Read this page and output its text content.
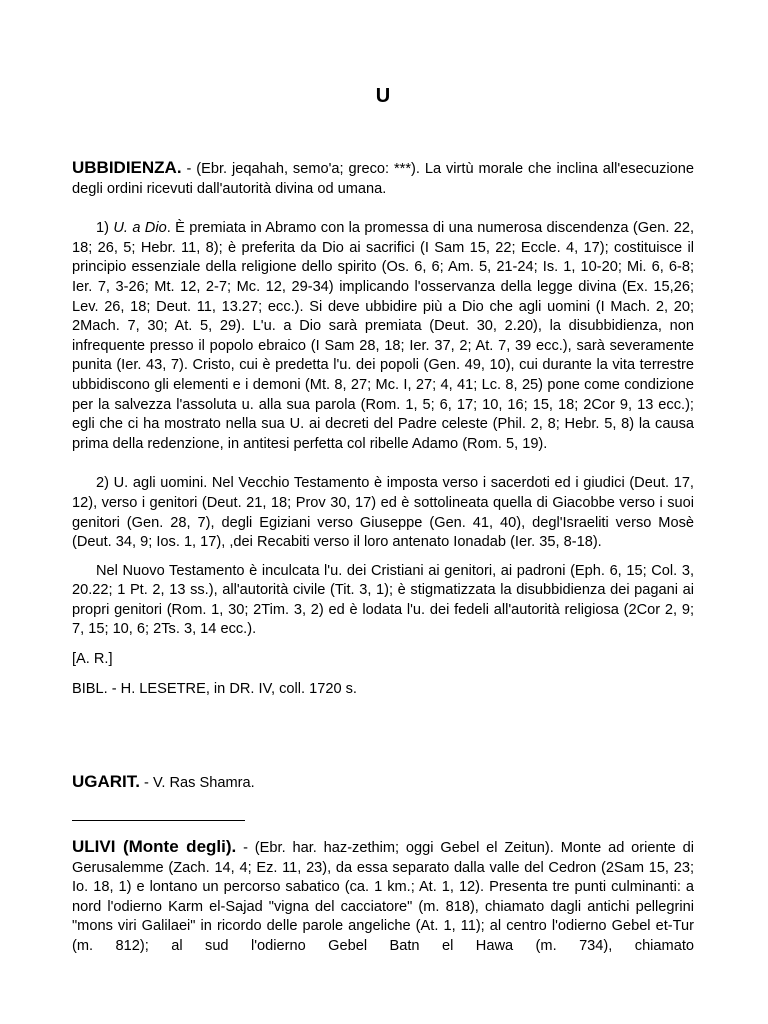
U

UBBIDIENZA. - (Ebr. jeqahah, semo'a; greco: ***). La virtù morale che inclina all'esecuzione degli ordini ricevuti dall'autorità divina od umana.

1) U. a Dio. È premiata in Abramo con la promessa di una numerosa discendenza (Gen. 22, 18; 26, 5; Hebr. 11, 8); è preferita da Dio ai sacrifici (I Sam 15, 22; Eccle. 4, 17); costituisce il principio essenziale della religione dello spirito (Os. 6, 6; Am. 5, 21-24; Is. 1, 10-20; Mi. 6, 6-8; Ier. 7, 3-26; Mt. 12, 2-7; Mc. 12, 29-34) implicando l'osservanza della legge divina (Ex. 15,26; Lev. 26, 18; Deut. 11, 13.27; ecc.). Si deve ubbidire più a Dio che agli uomini (I Mach. 2, 20; 2Mach. 7, 30; At. 5, 29). L'u. a Dio sarà premiata (Deut. 30, 2.20), la disubbidienza, non infrequente presso il popolo ebraico (I Sam 28, 18; Ier. 37, 2; At. 7, 39 ecc.), sarà severamente punita (Ier. 43, 7). Cristo, cui è predetta l'u. dei popoli (Gen. 49, 10), cui durante la vita terrestre ubbidiscono gli elementi e i demoni (Mt. 8, 27; Mc. I, 27; 4, 41; Lc. 8, 25) pone come condizione per la salvezza l'assoluta u. alla sua parola (Rom. 1, 5; 6, 17; 10, 16; 15, 18; 2Cor 9, 13 ecc.); egli che ci ha mostrato nella sua U. ai decreti del Padre celeste (Phil. 2, 8; Hebr. 5, 8) la causa prima della redenzione, in antitesi perfetta col ribelle Adamo (Rom. 5, 19).

2) U. agli uomini. Nel Vecchio Testamento è imposta verso i sacerdoti ed i giudici (Deut. 17, 12), verso i genitori (Deut. 21, 18; Prov 30, 17) ed è sottolineata quella di Giacobbe verso i suoi genitori (Gen. 28, 7), degli Egiziani verso Giuseppe (Gen. 41, 40), degl'Israeliti verso Mosè (Deut. 34, 9; Ios. 1, 17), ,dei Recabiti verso il loro antenato Ionadab (Ier. 35, 8-18).

Nel Nuovo Testamento è inculcata l'u. dei Cristiani ai genitori, ai padroni (Eph. 6, 15; Col. 3, 20.22; 1 Pt. 2, 13 ss.), all'autorità civile (Tit. 3, 1); è stigmatizzata la disubbidienza dei pagani ai propri genitori (Rom. 1, 30; 2Tim. 3, 2) ed è lodata l'u. dei fedeli all'autorità religiosa (2Cor 2, 9; 7, 15; 10, 6; 2Ts. 3, 14 ecc.).

[A. R.]

BIBL. - H. LESETRE, in DR. IV, coll. 1720 s.

UGARIT. - V. Ras Shamra.

ULIVI (Monte degli). - (Ebr. har. haz-zethim; oggi Gebel el Zeitun). Monte ad oriente di Gerusalemme (Zach. 14, 4; Ez. 11, 23), da essa separato dalla valle del Cedron (2Sam 15, 23; Io. 18, 1) e lontano un percorso sabatico (ca. 1 km.; At. 1, 12). Presenta tre punti culminanti: a nord l'odierno Karm el-Sajad "vigna del cacciatore" (m. 818), chiamato dagli antichi pellegrini "mons viri Galilaei" in ricordo delle parole angeliche (At. 1, 11); al centro l'odierno Gebel et-Tur (m. 812); al sud l'odierno Gebel Batn el Hawa (m. 734), chiamato
